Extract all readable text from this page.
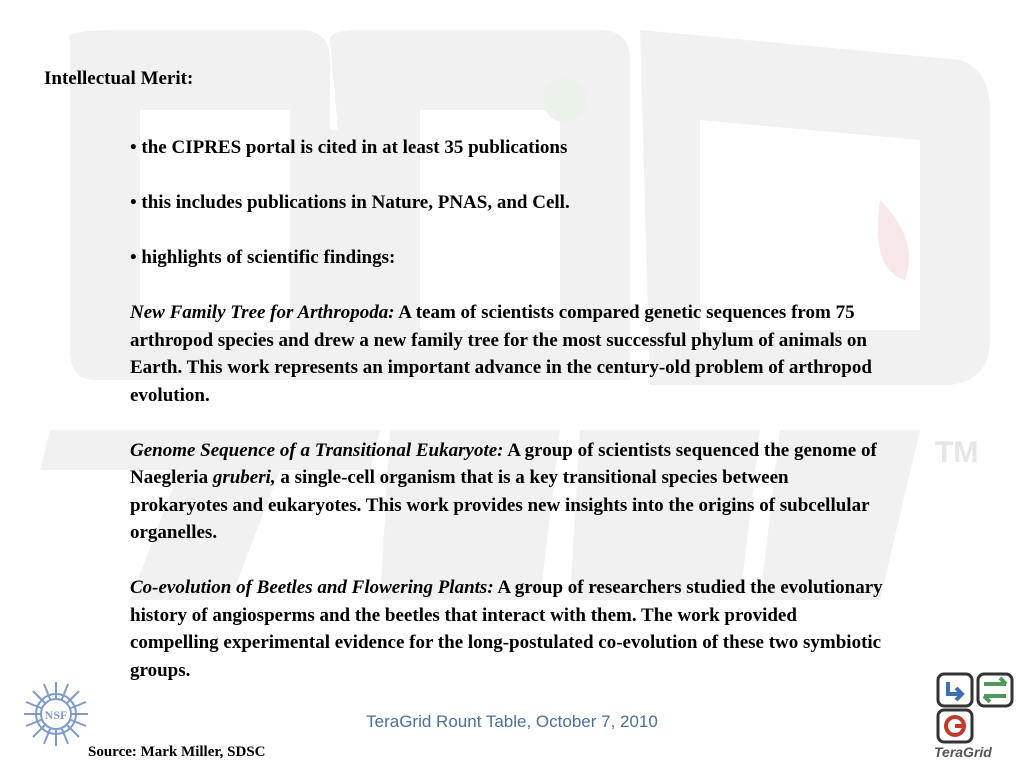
TM
Intellectual Merit:
• the CIPRES portal is cited in at least 35 publications
• this includes publications in Nature, PNAS, and Cell.
• highlights of scientific findings:
New Family Tree for Arthropoda: A team of scientists compared genetic sequences from 75 arthropod species and drew a new family tree for the most successful phylum of animals on Earth. This work represents an important advance in the century-old problem of arthropod evolution.
Genome Sequence of a Transitional Eukaryote: A group of scientists sequenced the genome of Naegleria gruberi, a single-cell organism that is a key transitional species between prokaryotes and eukaryotes. This work provides new insights into the origins of subcellular organelles.
Co-evolution of Beetles and Flowering Plants: A group of researchers studied the evolutionary history of angiosperms and the beetles that interact with them. The work provided compelling experimental evidence for the long-postulated co-evolution of these two symbiotic groups.
TeraGrid Rount Table, October 7, 2010
Source: Mark Miller, SDSC
NSF
TeraGrid
